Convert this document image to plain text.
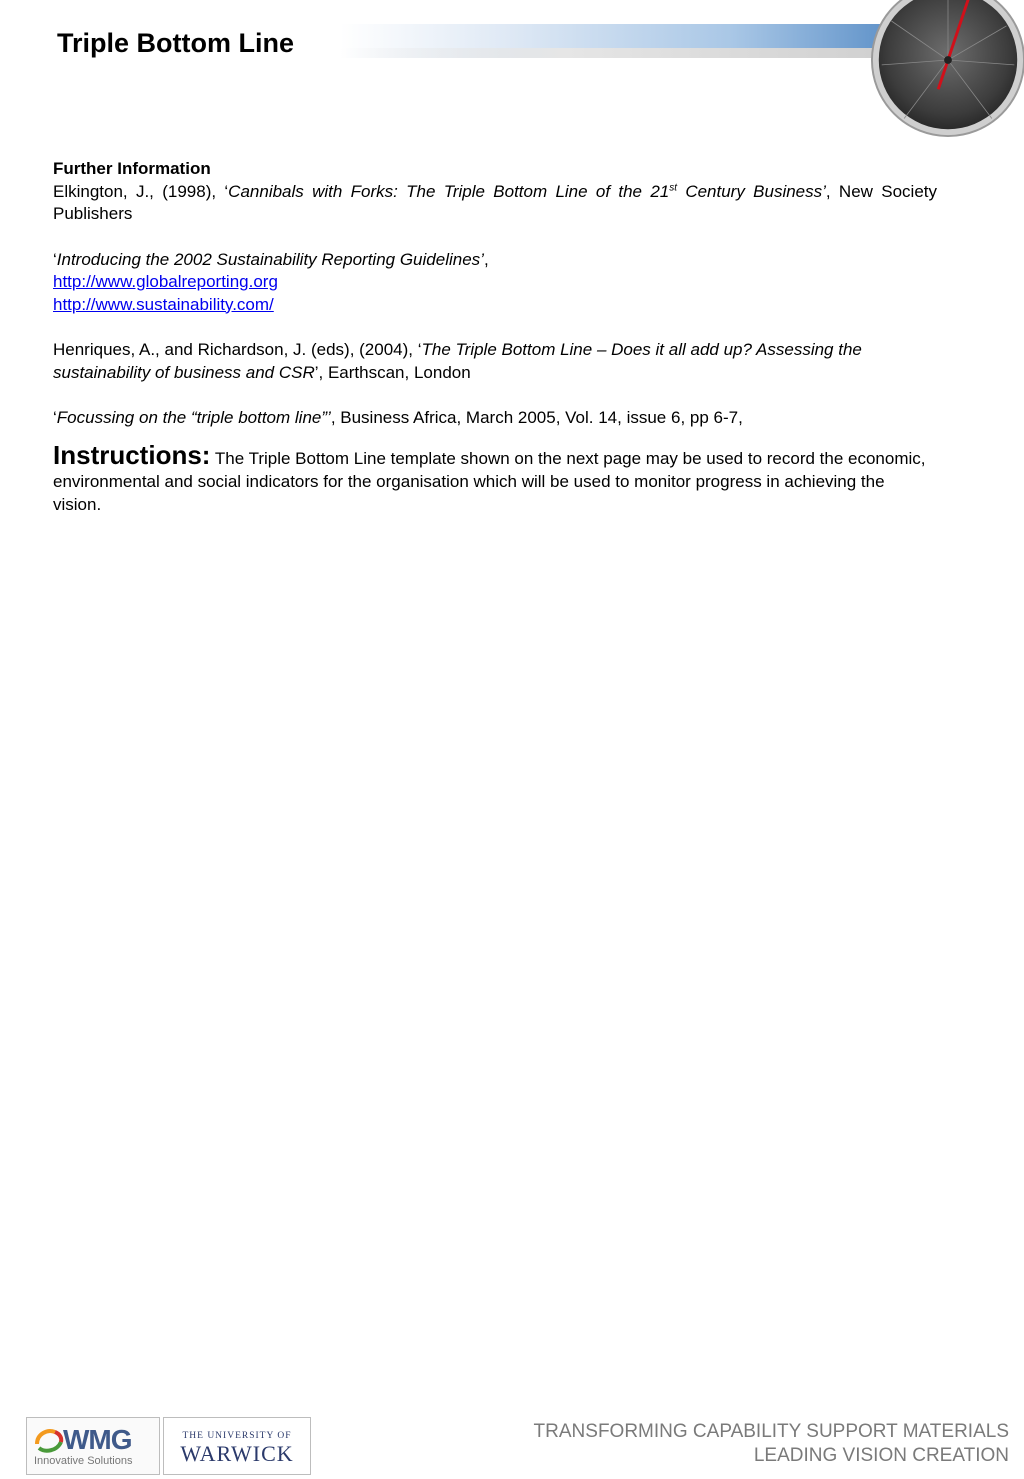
Triple Bottom Line

Further Information

Elkington, J., (1998), ‘Cannibals with Forks: The Triple Bottom Line of the 21st Century Business’, New Society Publishers

‘Introducing the 2002 Sustainability Reporting Guidelines’,

http://www.globalreporting.org

http://www.sustainability.com/

Henriques, A., and Richardson, J. (eds), (2004), ‘The Triple Bottom Line – Does it all add up? Assessing the sustainability of business and CSR’, Earthscan, London

‘Focussing on the “triple bottom line”’, Business Africa, March 2005, Vol. 14, issue 6, pp 6-7,

Instructions: The Triple Bottom Line template shown on the next page may be used to record the economic, environmental and social indicators for the organisation which will be used to monitor progress in achieving the vision.

WMG
Innovative Solutions
THE UNIVERSITY OF
WARWICK
TRANSFORMING CAPABILITY SUPPORT MATERIALS
LEADING VISION CREATION
